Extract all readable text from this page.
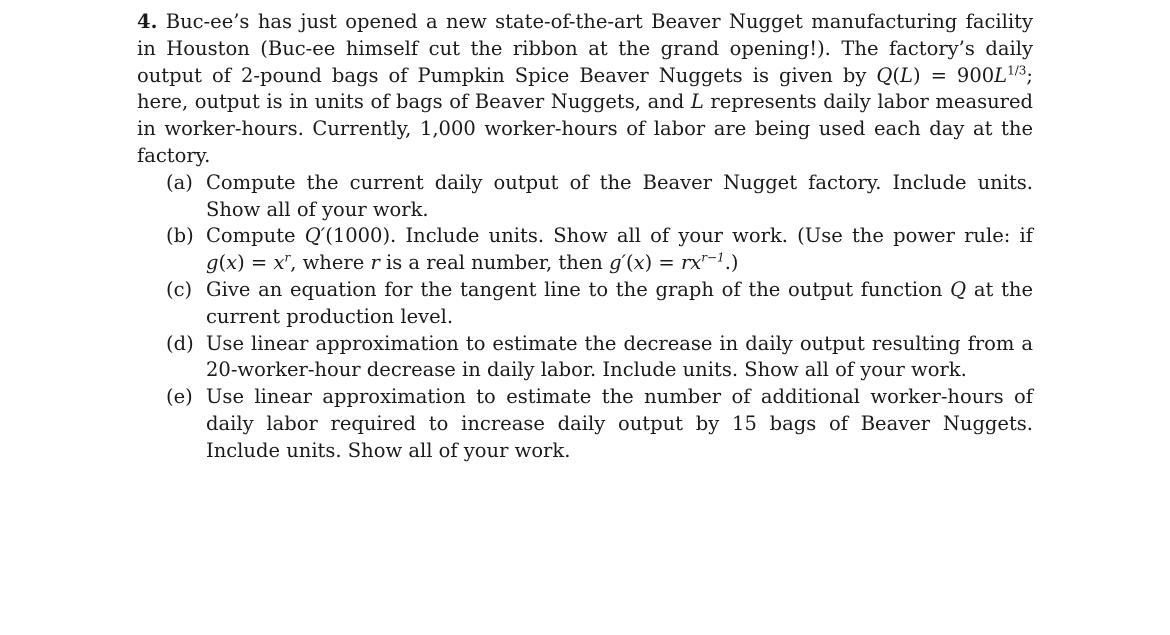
4. Buc-ee’s has just opened a new state-of-the-art Beaver Nugget manufacturing facility in Houston (Buc-ee himself cut the ribbon at the grand opening!). The factory’s daily output of 2-pound bags of Pumpkin Spice Beaver Nuggets is given by $Q(L) = 900L^{1/3}$; here, output is in units of bags of Beaver Nuggets, and L represents daily labor measured in worker-hours. Currently, 1,000 worker-hours of labor are being used each day at the factory.

(a) Compute the current daily output of the Beaver Nugget factory. Include units. Show all of your work.
(b) Compute Q′(1000). Include units. Show all of your work. (Use the power rule: if $g(x) = x^r$, where r is a real number, then $g'(x) = rx^{r-1}$.)
(c) Give an equation for the tangent line to the graph of the output function Q at the current production level.
(d) Use linear approximation to estimate the decrease in daily output resulting from a 20-worker-hour decrease in daily labor. Include units. Show all of your work.
(e) Use linear approximation to estimate the number of additional worker-hours of daily labor required to increase daily output by 15 bags of Beaver Nuggets. Include units. Show all of your work.
